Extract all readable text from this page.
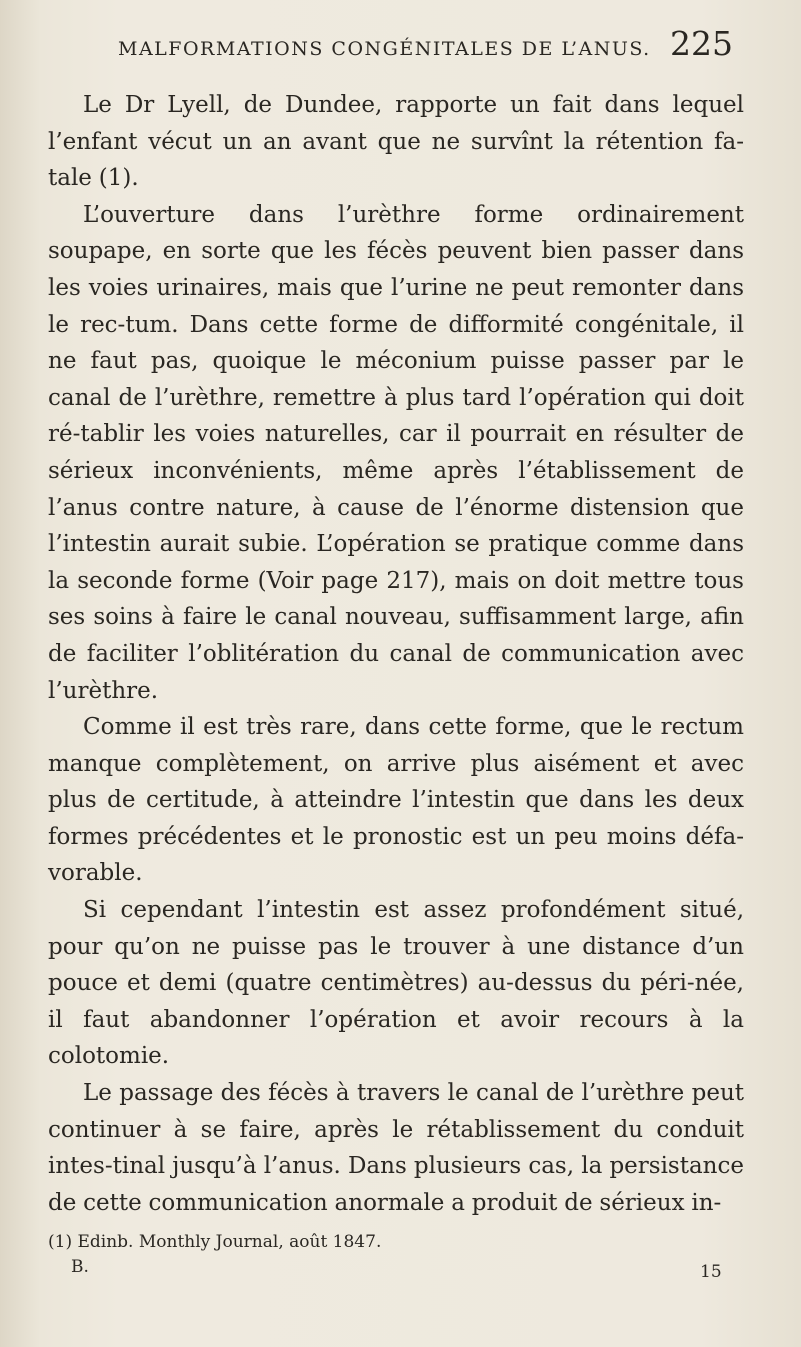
MALFORMATIONS CONGÉNITALES DE L’ANUS. 225

Le Dr Lyell, de Dundee, rapporte un fait dans lequel l’enfant vécut un an avant que ne survînt la rétention fa-tale (1).

L’ouverture dans l’urèthre forme ordinairement soupape, en sorte que les fécès peuvent bien passer dans les voies urinaires, mais que l’urine ne peut remonter dans le rec-tum. Dans cette forme de difformité congénitale, il ne faut pas, quoique le méconium puisse passer par le canal de l’urèthre, remettre à plus tard l’opération qui doit ré-tablir les voies naturelles, car il pourrait en résulter de sérieux inconvénients, même après l’établissement de l’anus contre nature, à cause de l’énorme distension que l’intestin aurait subie. L’opération se pratique comme dans la seconde forme (Voir page 217), mais on doit mettre tous ses soins à faire le canal nouveau, suffisamment large, afin de faciliter l’oblitération du canal de communication avec l’urèthre.

Comme il est très rare, dans cette forme, que le rectum manque complètement, on arrive plus aisément et avec plus de certitude, à atteindre l’intestin que dans les deux formes précédentes et le pronostic est un peu moins défa-vorable.

Si cependant l’intestin est assez profondément situé, pour qu’on ne puisse pas le trouver à une distance d’un pouce et demi (quatre centimètres) au-dessus du péri-née, il faut abandonner l’opération et avoir recours à la colotomie.

Le passage des fécès à travers le canal de l’urèthre peut continuer à se faire, après le rétablissement du conduit intes-tinal jusqu’à l’anus. Dans plusieurs cas, la persistance de cette communication anormale a produit de sérieux in-

(1) Edinb. Monthly Journal, août 1847.
B.	15
